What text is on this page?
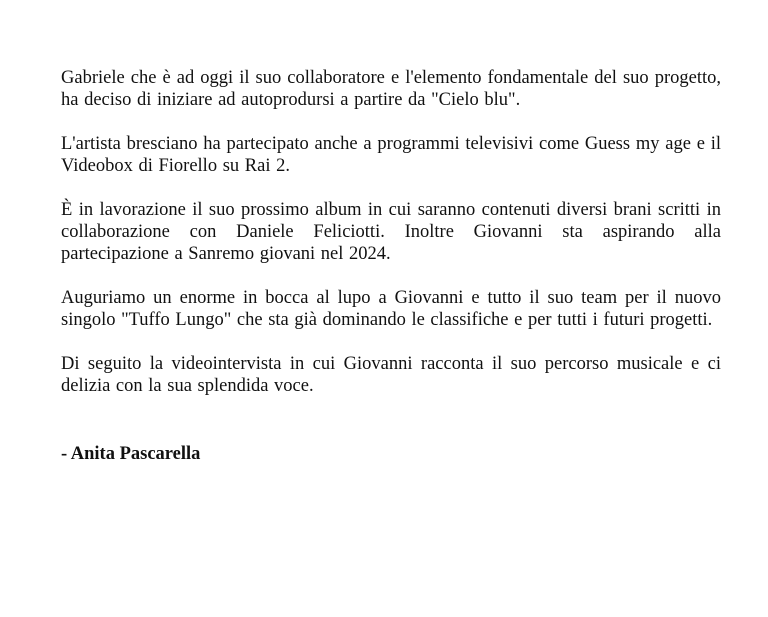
Gabriele che è ad oggi il suo collaboratore e l'elemento fondamentale del suo progetto, ha deciso di iniziare ad autoprodursi a partire da "Cielo blu".

L'artista bresciano ha partecipato anche a programmi televisivi come Guess my age e il Videobox di Fiorello su Rai 2.

È in lavorazione il suo prossimo album in cui saranno contenuti diversi brani scritti in collaborazione con Daniele Feliciotti. Inoltre Giovanni sta aspirando alla partecipazione a Sanremo giovani nel 2024.

Auguriamo un enorme in bocca al lupo a Giovanni e tutto il suo team per il nuovo singolo "Tuffo Lungo" che sta già dominando le classifiche e per tutti i futuri progetti.

Di seguito la videointervista in cui Giovanni racconta il suo percorso musicale e ci delizia con la sua splendida voce.

- Anita Pascarella
